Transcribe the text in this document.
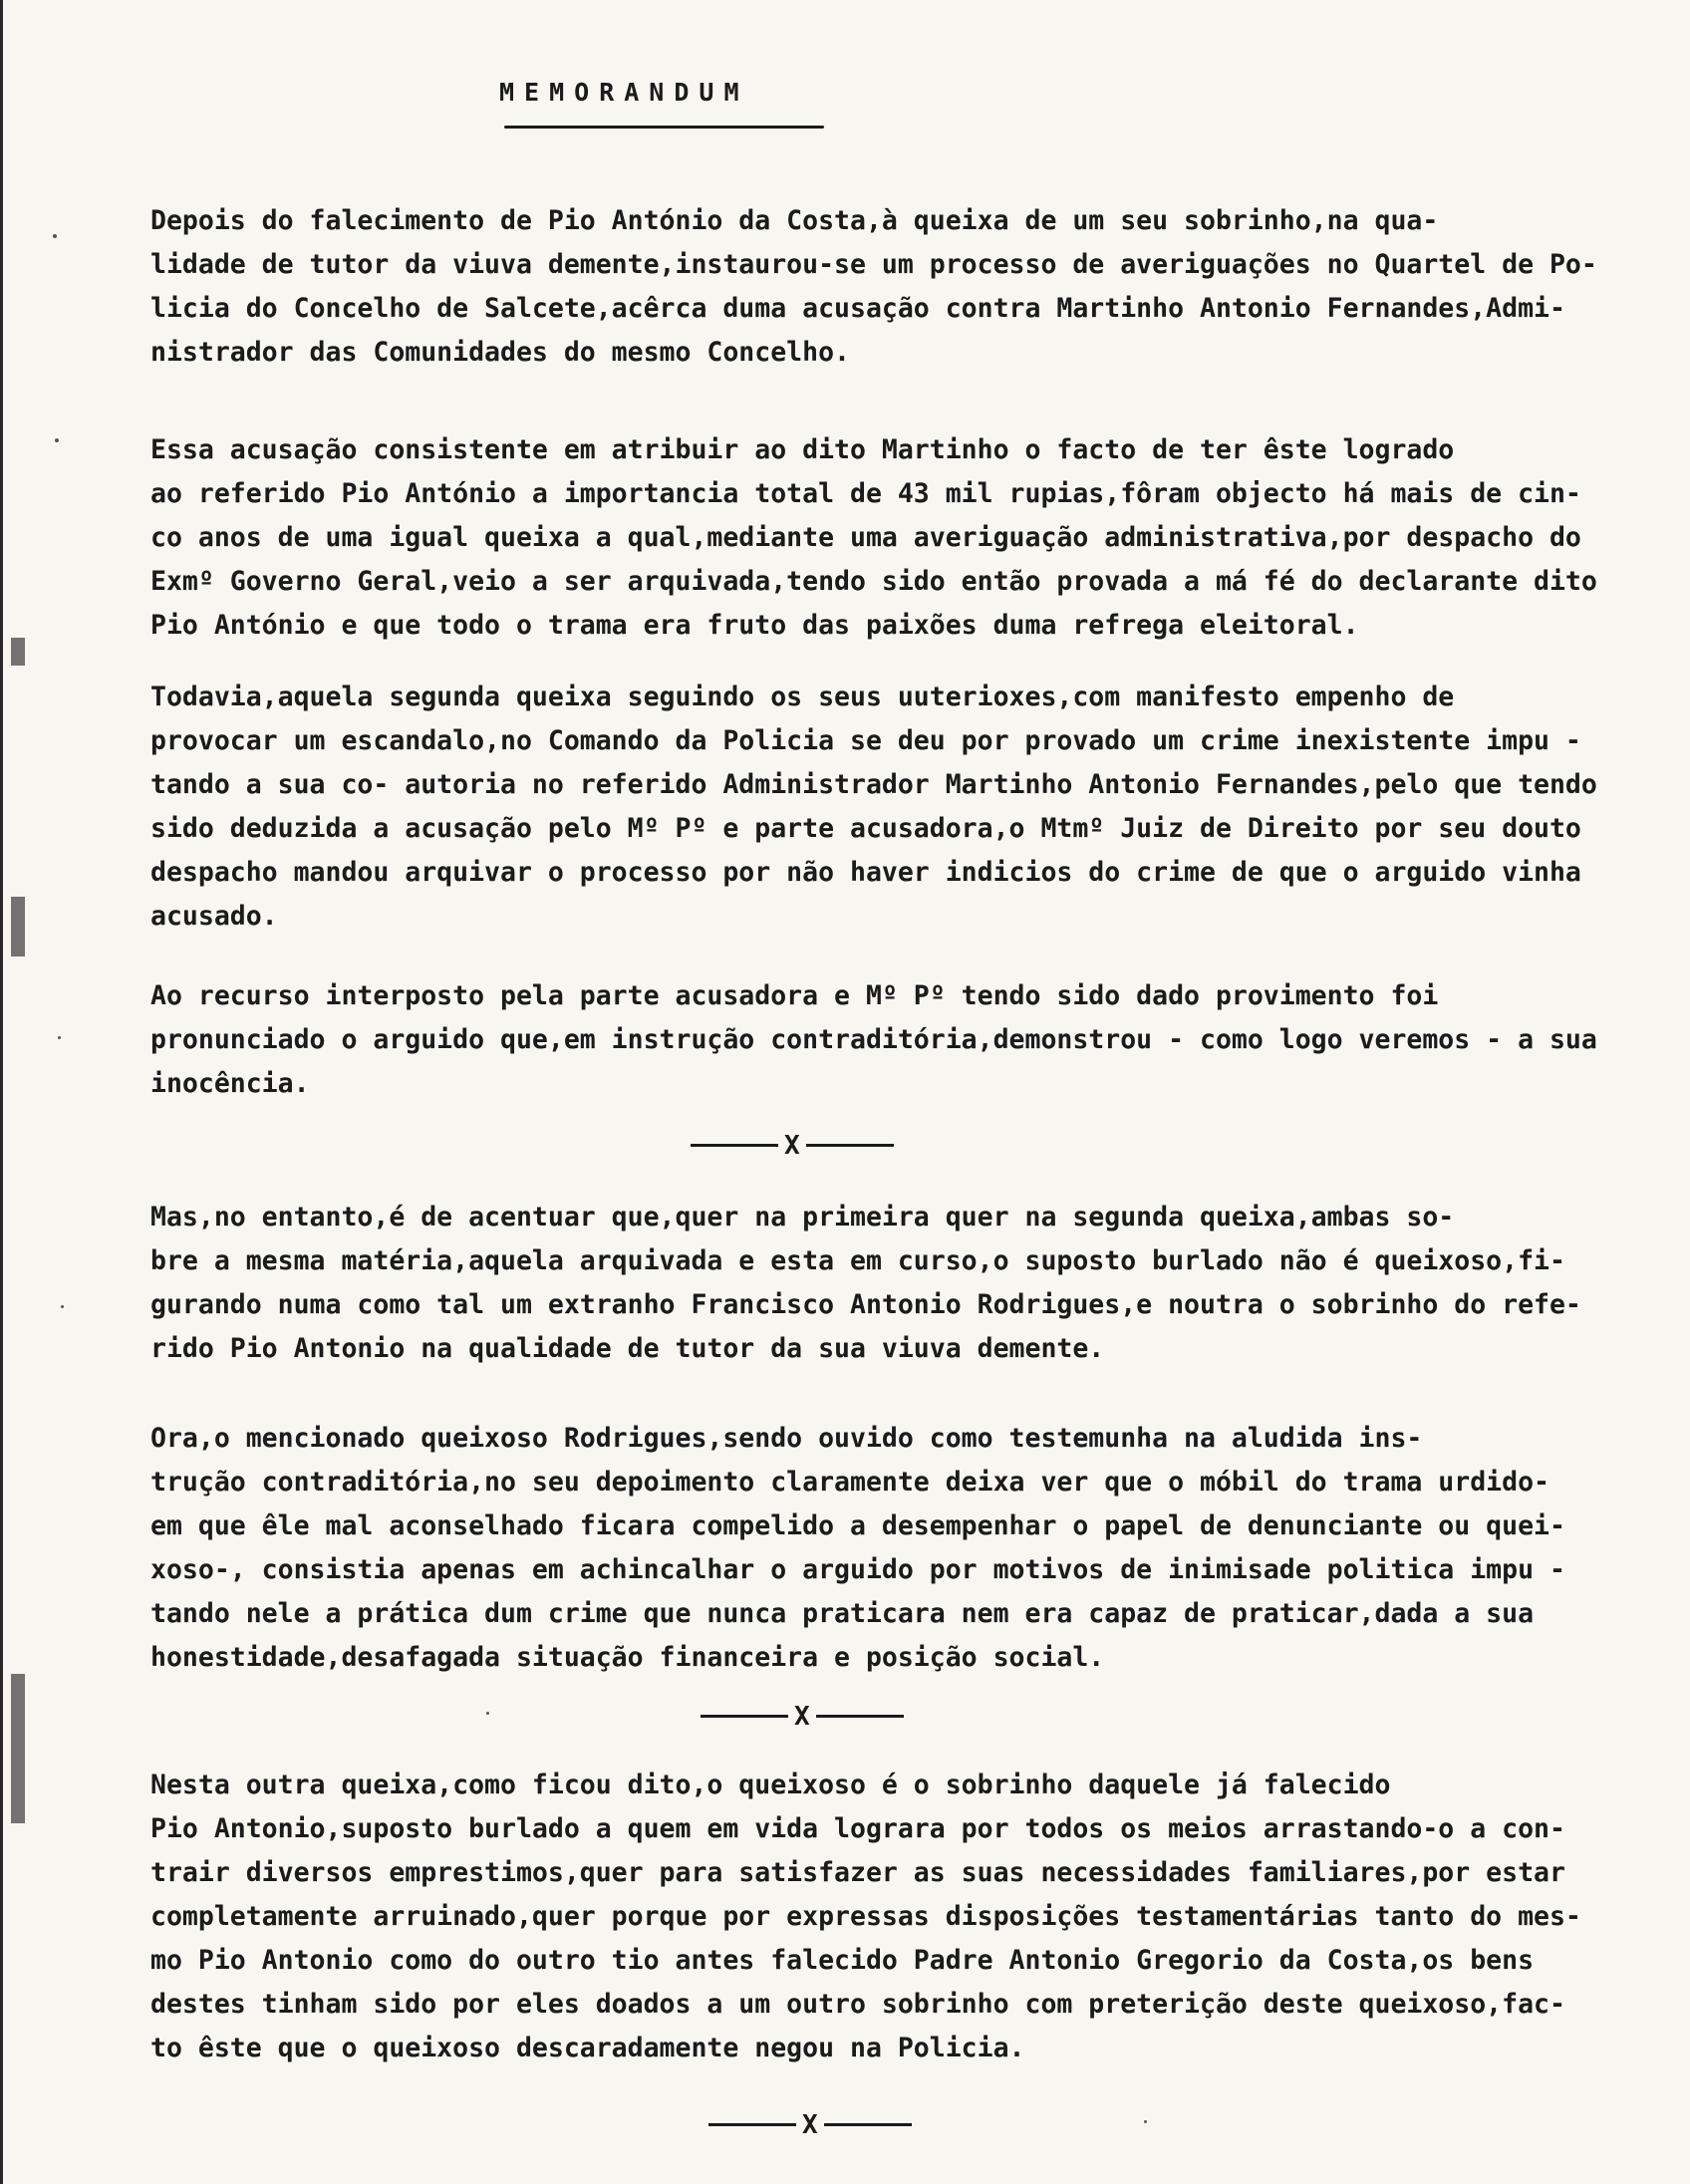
MEMORANDUM
Depois do falecimento de Pio António da Costa,à queixa de um seu sobrinho,na qua-
lidade de tutor da viuva demente,instaurou-se um processo de averiguações no Quartel de Po-
licia do Concelho de Salcete,acêrca duma acusação contra Martinho Antonio Fernandes,Admi-
nistrador das Comunidades do mesmo Concelho.
Essa acusação consistente em atribuir ao dito Martinho o facto de ter êste logrado
ao referido Pio António a importancia total de 43 mil rupias,fôram objecto há mais de cin-
co anos de uma igual queixa a qual,mediante uma averiguação administrativa,por despacho do
Exmº Governo Geral,veio a ser arquivada,tendo sido então provada a má fé do declarante dito
Pio António e que todo o trama era fruto das paixões duma refrega eleitoral.
Todavia,aquela segunda queixa seguindo os seus uuterioxes,com manifesto empenho de
provocar um escandalo,no Comando da Policia se deu por provado um crime inexistente impu -
tando a sua co- autoria no referido Administrador Martinho Antonio Fernandes,pelo que tendo
sido deduzida a acusação pelo Mº Pº e parte acusadora,o Mtmº Juiz de Direito por seu douto
despacho mandou arquivar o processo por não haver indicios do crime de que o arguido vinha
acusado.
Ao recurso interposto pela parte acusadora e Mº Pº tendo sido dado provimento foi
pronunciado o arguido que,em instrução contraditória,demonstrou - como logo veremos - a sua
inocência.
X
Mas,no entanto,é de acentuar que,quer na primeira quer na segunda queixa,ambas so-
bre a mesma matéria,aquela arquivada e esta em curso,o suposto burlado não é queixoso,fi-
gurando numa como tal um extranho Francisco Antonio Rodrigues,e noutra o sobrinho do refe-
rido Pio Antonio na qualidade de tutor da sua viuva demente.
Ora,o mencionado queixoso Rodrigues,sendo ouvido como testemunha na aludida ins-
trução contraditória,no seu depoimento claramente deixa ver que o móbil do trama urdido-
em que êle mal aconselhado ficara compelido a desempenhar o papel de denunciante ou quei-
xoso-, consistia apenas em achincalhar o arguido por motivos de inimisade politica impu -
tando nele a prática dum crime que nunca praticara nem era capaz de praticar,dada a sua
honestidade,desafagada situação financeira e posição social.
X
Nesta outra queixa,como ficou dito,o queixoso é o sobrinho daquele já falecido
Pio Antonio,suposto burlado a quem em vida lograra por todos os meios arrastando-o a con-
trair diversos emprestimos,quer para satisfazer as suas necessidades familiares,por estar
completamente arruinado,quer porque por expressas disposições testamentárias tanto do mes-
mo Pio Antonio como do outro tio antes falecido Padre Antonio Gregorio da Costa,os bens
destes tinham sido por eles doados a um outro sobrinho com preterição deste queixoso,fac-
to êste que o queixoso descaradamente negou na Policia.
X
